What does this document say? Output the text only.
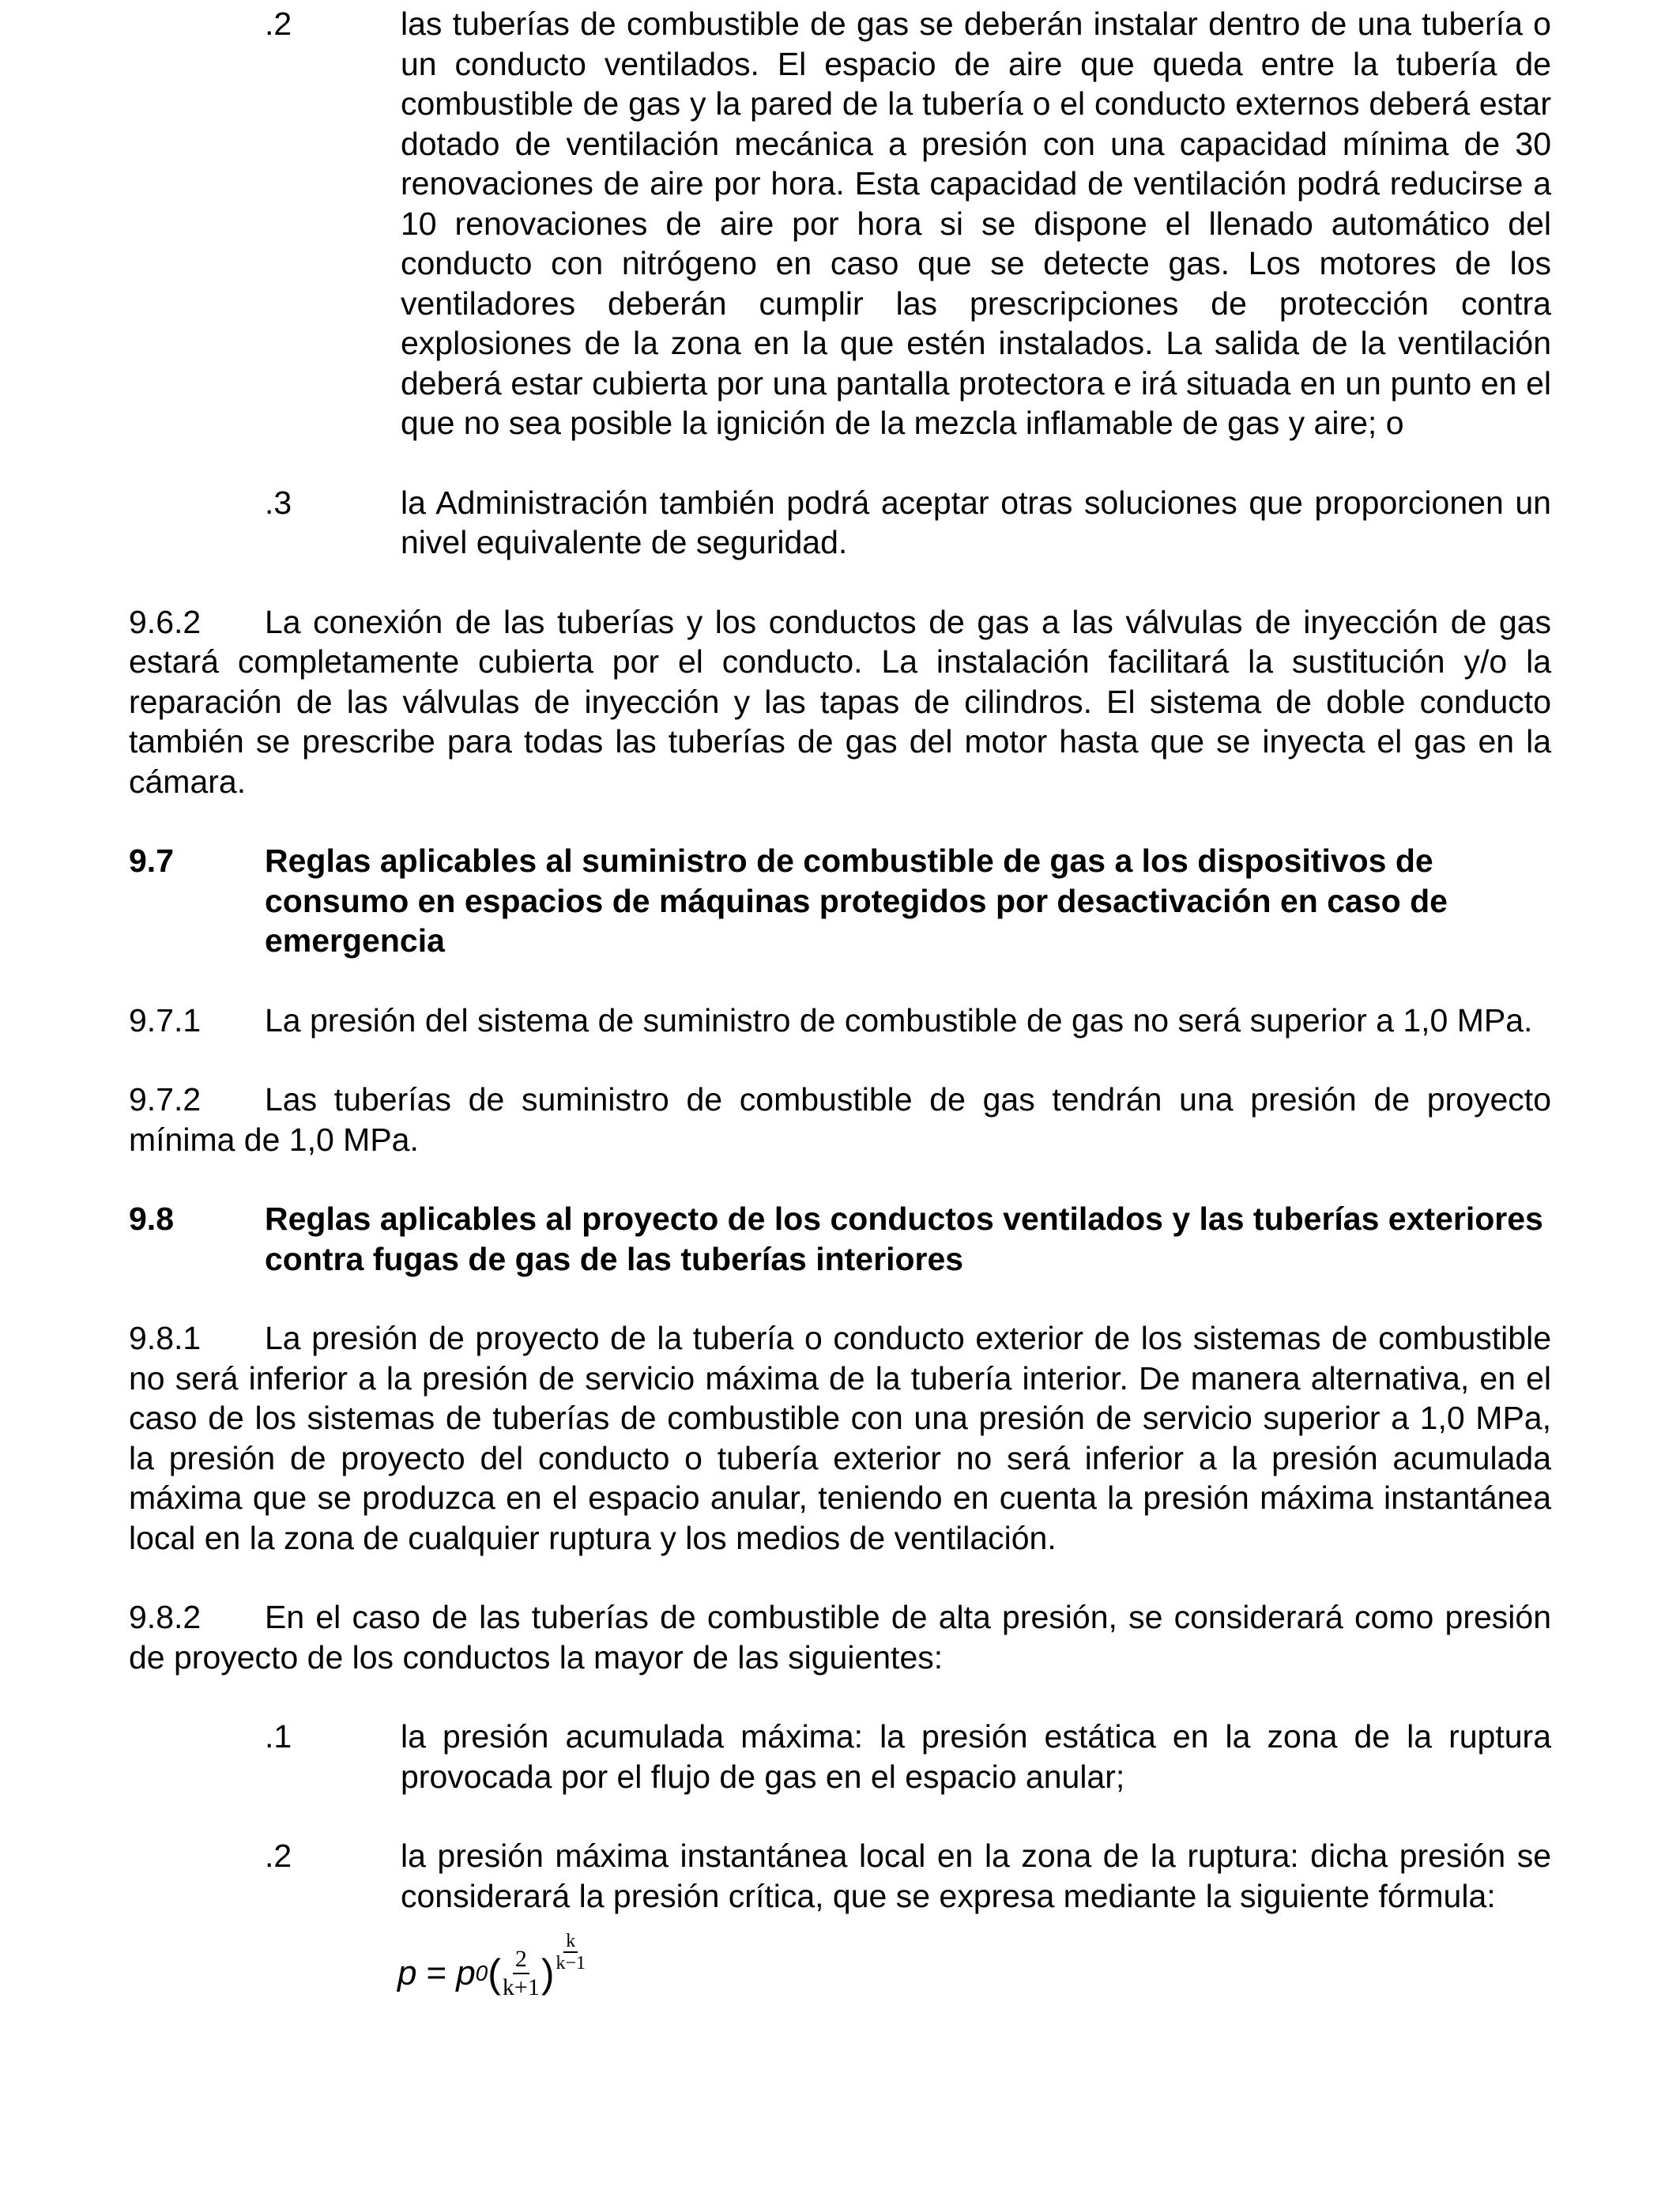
.2	las tuberías de combustible de gas se deberán instalar dentro de una tubería o un conducto ventilados. El espacio de aire que queda entre la tubería de combustible de gas y la pared de la tubería o el conducto externos deberá estar dotado de ventilación mecánica a presión con una capacidad mínima de 30 renovaciones de aire por hora. Esta capacidad de ventilación podrá reducirse a 10 renovaciones de aire por hora si se dispone el llenado automático del conducto con nitrógeno en caso que se detecte gas. Los motores de los ventiladores deberán cumplir las prescripciones de protección contra explosiones de la zona en la que estén instalados. La salida de la ventilación deberá estar cubierta por una pantalla protectora e irá situada en un punto en el que no sea posible la ignición de la mezcla inflamable de gas y aire; o
.3	la Administración también podrá aceptar otras soluciones que proporcionen un nivel equivalente de seguridad.
9.6.2 La conexión de las tuberías y los conductos de gas a las válvulas de inyección de gas estará completamente cubierta por el conducto. La instalación facilitará la sustitución y/o la reparación de las válvulas de inyección y las tapas de cilindros. El sistema de doble conducto también se prescribe para todas las tuberías de gas del motor hasta que se inyecta el gas en la cámara.
9.7	Reglas aplicables al suministro de combustible de gas a los dispositivos de consumo en espacios de máquinas protegidos por desactivación en caso de emergencia
9.7.1 La presión del sistema de suministro de combustible de gas no será superior a 1,0 MPa.
9.7.2 Las tuberías de suministro de combustible de gas tendrán una presión de proyecto mínima de 1,0 MPa.
9.8	Reglas aplicables al proyecto de los conductos ventilados y las tuberías exteriores contra fugas de gas de las tuberías interiores
9.8.1 La presión de proyecto de la tubería o conducto exterior de los sistemas de combustible no será inferior a la presión de servicio máxima de la tubería interior. De manera alternativa, en el caso de los sistemas de tuberías de combustible con una presión de servicio superior a 1,0 MPa, la presión de proyecto del conducto o tubería exterior no será inferior a la presión acumulada máxima que se produzca en el espacio anular, teniendo en cuenta la presión máxima instantánea local en la zona de cualquier ruptura y los medios de ventilación.
9.8.2 En el caso de las tuberías de combustible de alta presión, se considerará como presión de proyecto de los conductos la mayor de las siguientes:
.1	la presión acumulada máxima: la presión estática en la zona de la ruptura provocada por el flujo de gas en el espacio anular;
.2	la presión máxima instantánea local en la zona de la ruptura: dicha presión se considerará la presión crítica, que se expresa mediante la siguiente fórmula:
p = p 0 ( $\frac{2}{k+1}$ ) $\frac{k}{k-1}$
